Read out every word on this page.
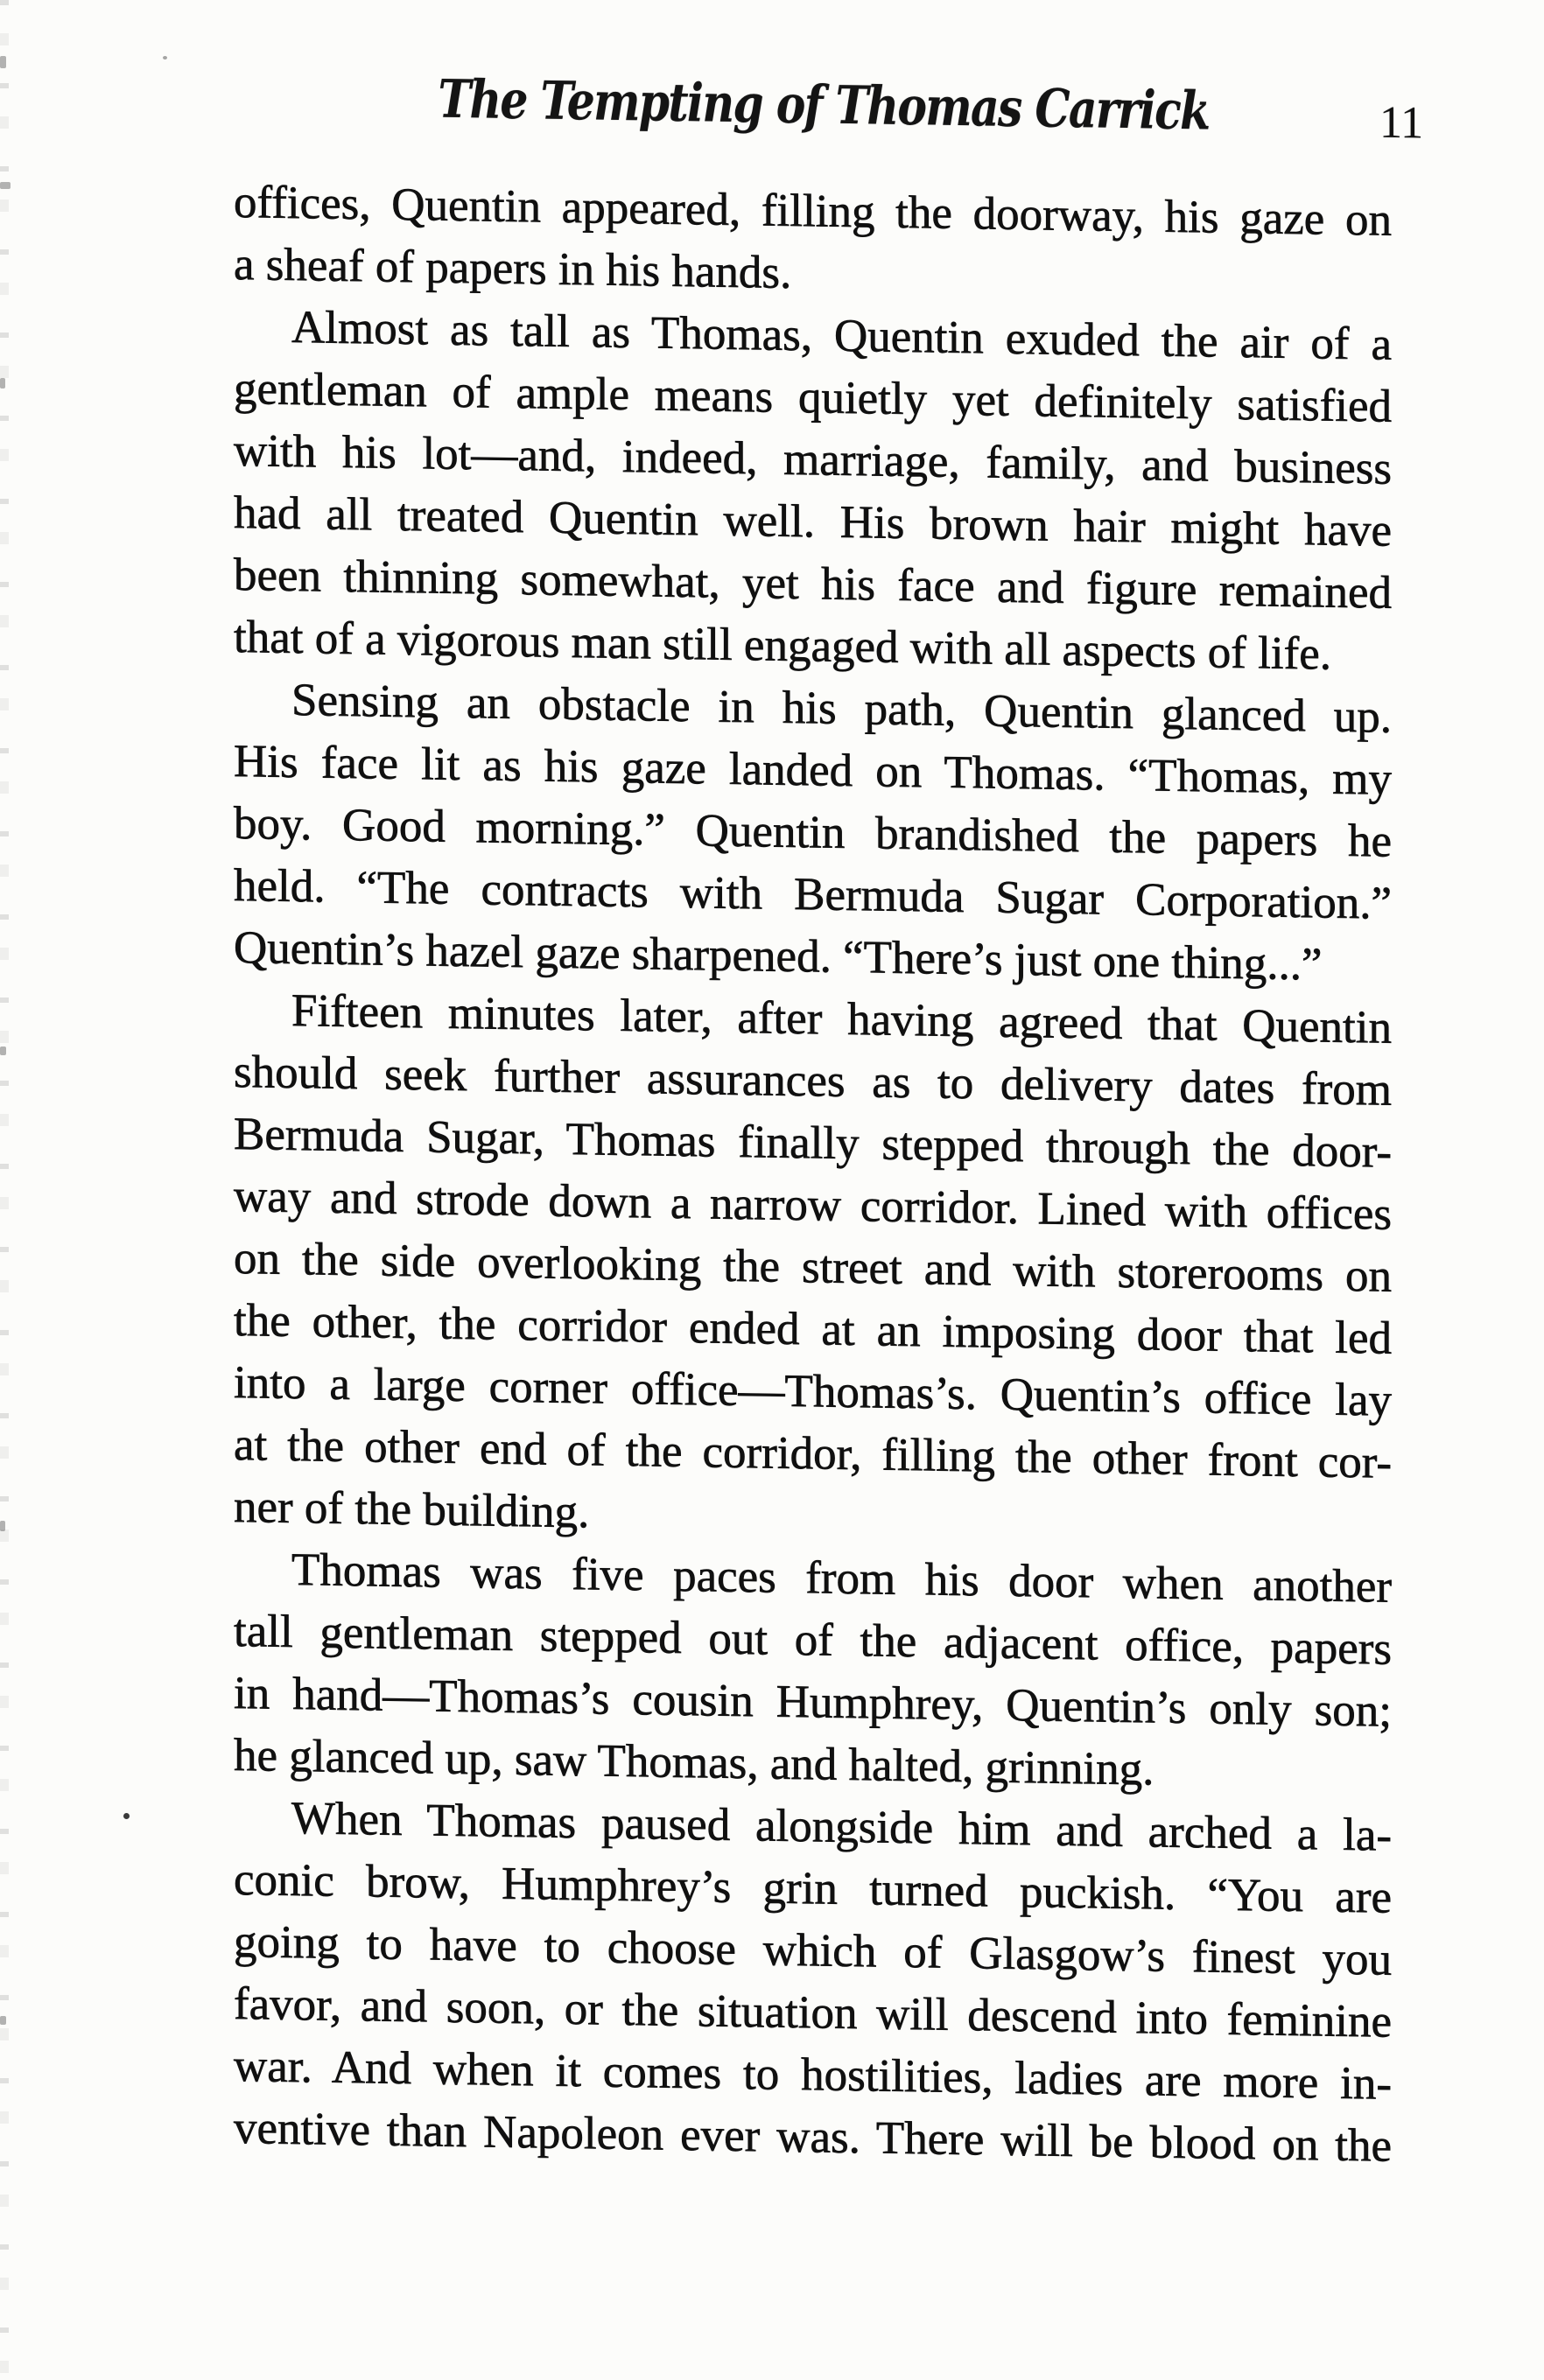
The Tempting of Thomas Carrick	11
offices, Quentin appeared, filling the doorway, his gaze on
a sheaf of papers in his hands.
Almost as tall as Thomas, Quentin exuded the air of a
gentleman of ample means quietly yet definitely satisfied
with his lot—and, indeed, marriage, family, and business
had all treated Quentin well. His brown hair might have
been thinning somewhat, yet his face and figure remained
that of a vigorous man still engaged with all aspects of life.
Sensing an obstacle in his path, Quentin glanced up.
His face lit as his gaze landed on Thomas. “Thomas, my
boy. Good morning.” Quentin brandished the papers he
held. “The contracts with Bermuda Sugar Corporation.”
Quentin’s hazel gaze sharpened. “There’s just one thing...”
Fifteen minutes later, after having agreed that Quentin
should seek further assurances as to delivery dates from
Bermuda Sugar, Thomas finally stepped through the door-
way and strode down a narrow corridor. Lined with offices
on the side overlooking the street and with storerooms on
the other, the corridor ended at an imposing door that led
into a large corner office—Thomas’s. Quentin’s office lay
at the other end of the corridor, filling the other front cor-
ner of the building.
Thomas was five paces from his door when another
tall gentleman stepped out of the adjacent office, papers
in hand—Thomas’s cousin Humphrey, Quentin’s only son;
he glanced up, saw Thomas, and halted, grinning.
When Thomas paused alongside him and arched a la-
conic brow, Humphrey’s grin turned puckish. “You are
going to have to choose which of Glasgow’s finest you
favor, and soon, or the situation will descend into feminine
war. And when it comes to hostilities, ladies are more in-
ventive than Napoleon ever was. There will be blood on the
